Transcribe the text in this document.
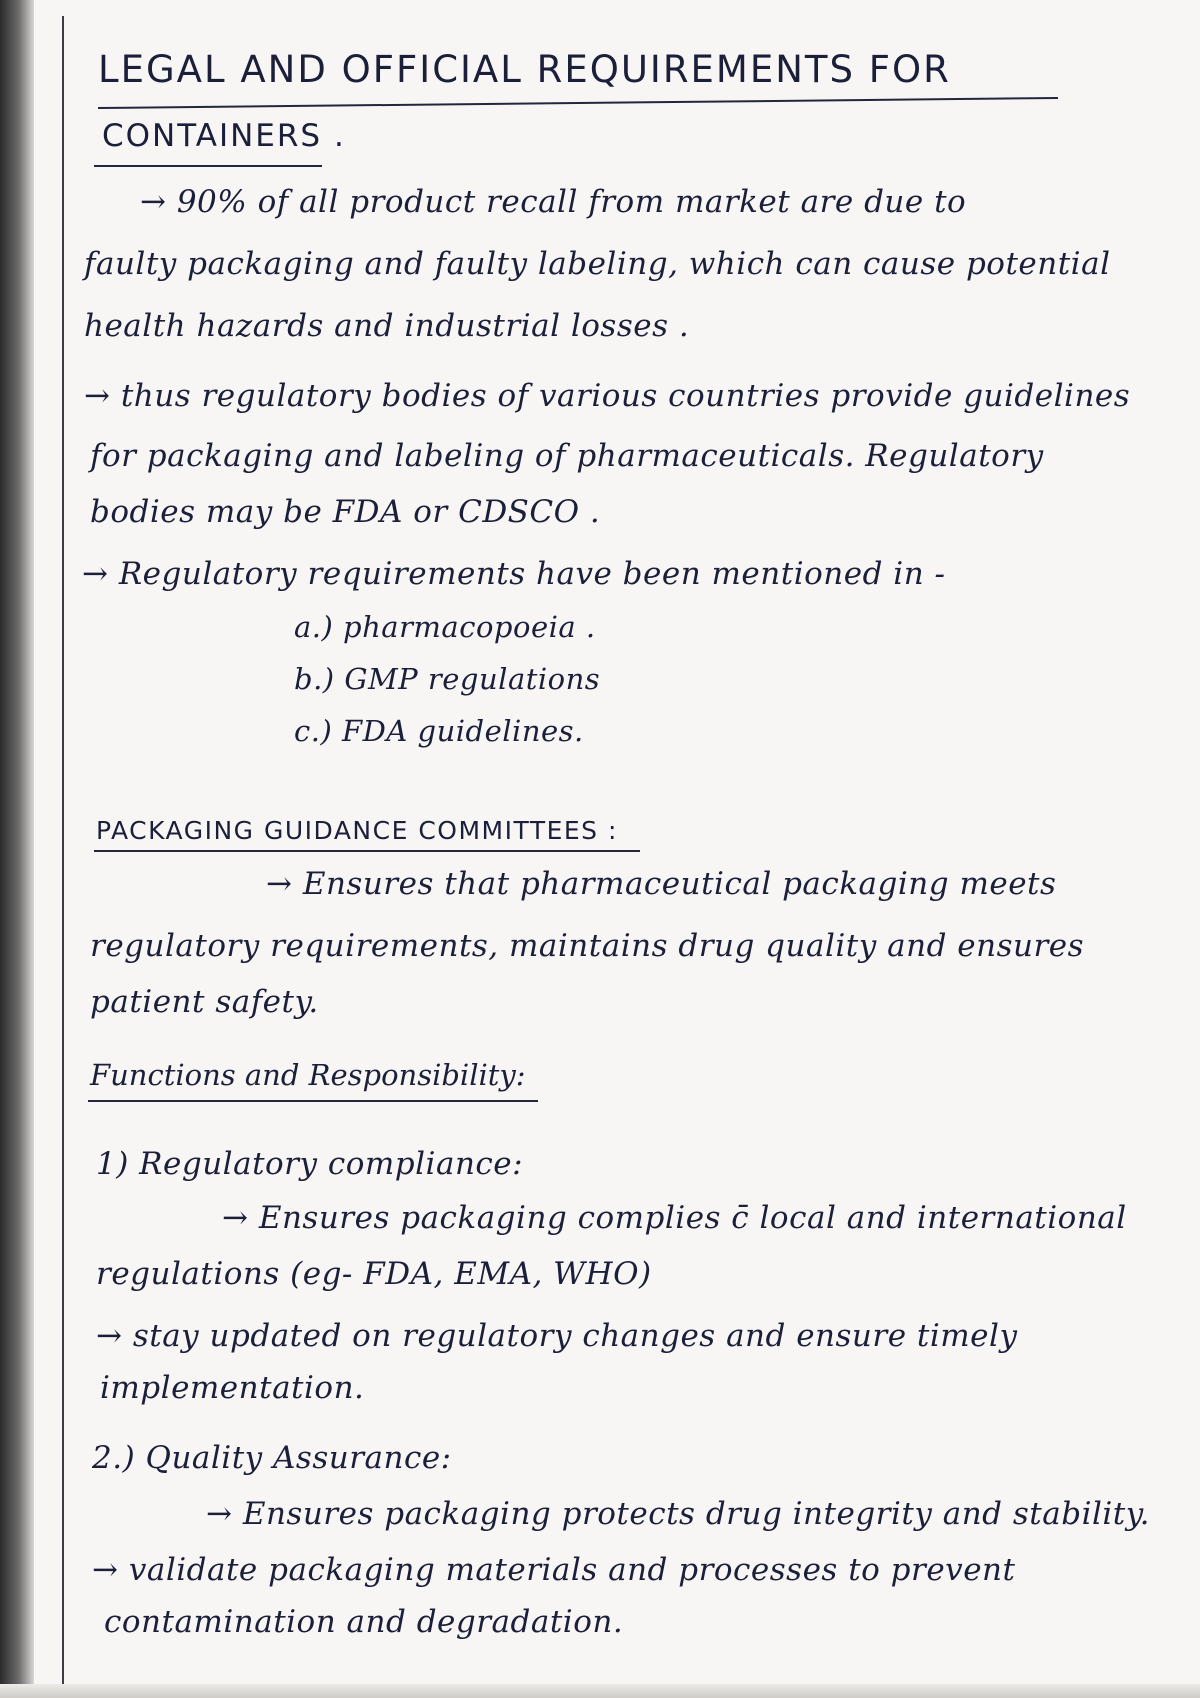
LEGAL AND OFFICIAL REQUIREMENTS FOR
CONTAINERS .
→ 90% of all product recall from market are due to
faulty packaging and faulty labeling, which can cause potential
health hazards and industrial losses .
→ thus regulatory bodies of various countries provide guidelines
for packaging and labeling of pharmaceuticals. Regulatory
bodies may be FDA or CDSCO .
→ Regulatory requirements have been mentioned in -
a.) pharmacopoeia .
b.) GMP regulations
c.) FDA guidelines.
PACKAGING GUIDANCE COMMITTEES :
→ Ensures that pharmaceutical packaging meets
regulatory requirements, maintains drug quality and ensures
patient safety.
Functions and Responsibility:
1) Regulatory compliance:
→ Ensures packaging complies c̄ local and international
regulations (eg- FDA, EMA, WHO)
→ stay updated on regulatory changes and ensure timely
implementation.
2.) Quality Assurance:
→ Ensures packaging protects drug integrity and stability.
→ validate packaging materials and processes to prevent
contamination and degradation.
